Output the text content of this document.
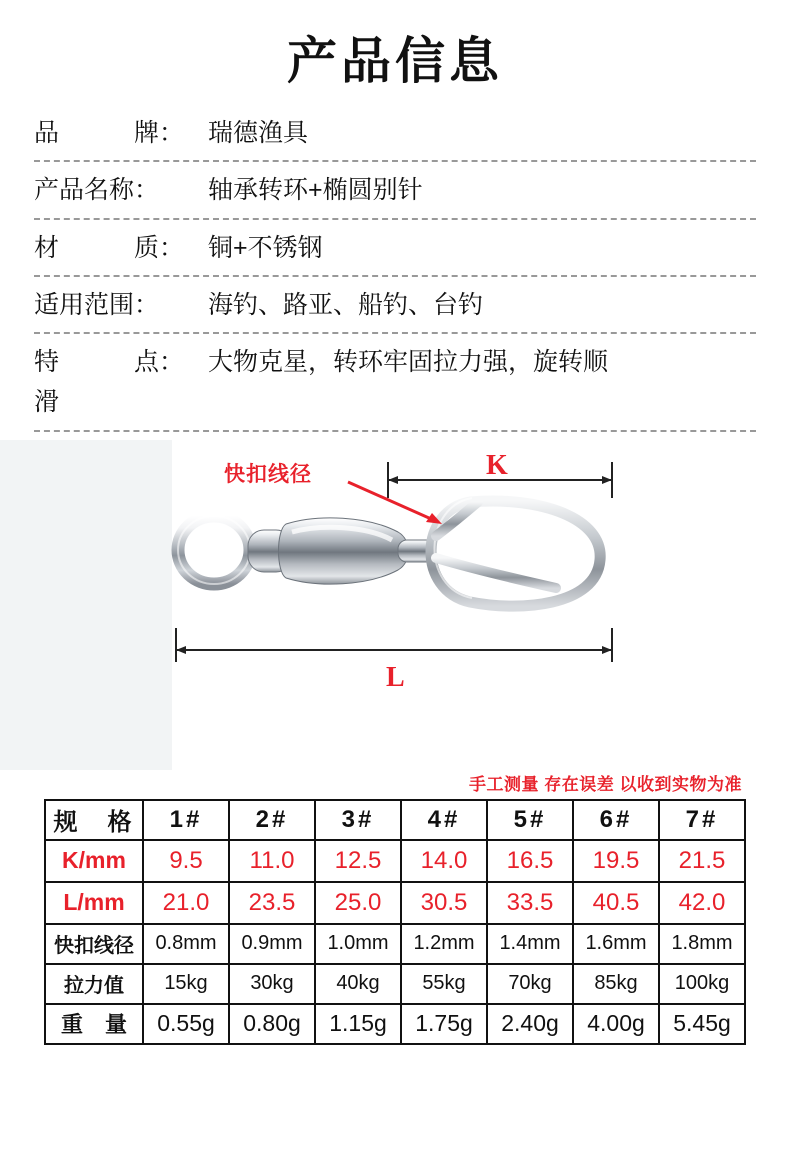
产品信息
品　　　牌： 瑞德渔具
产品名称：	轴承转环+椭圆别针
材　　　质： 铜+不锈钢
适用范围：	海钓、路亚、船钓、台钓
特　　　点： 大物克星，转环牢固拉力强，旋转顺
滑
快扣线径	K
L
手工测量 存在误差 以收到实物为准
规　格	1#	2#	3#	4#	5#	6#	7#
K/mm	9.5	11.0	12.5	14.0	16.5	19.5	21.5
L/mm	21.0	23.5	25.0	30.5	33.5	40.5	42.0
快扣线径	0.8mm	0.9mm	1.0mm	1.2mm	1.4mm	1.6mm	1.8mm
拉力值	15kg	30kg	40kg	55kg	70kg	85kg	100kg
重　量	0.55g	0.80g	1.15g	1.75g	2.40g	4.00g	5.45g
